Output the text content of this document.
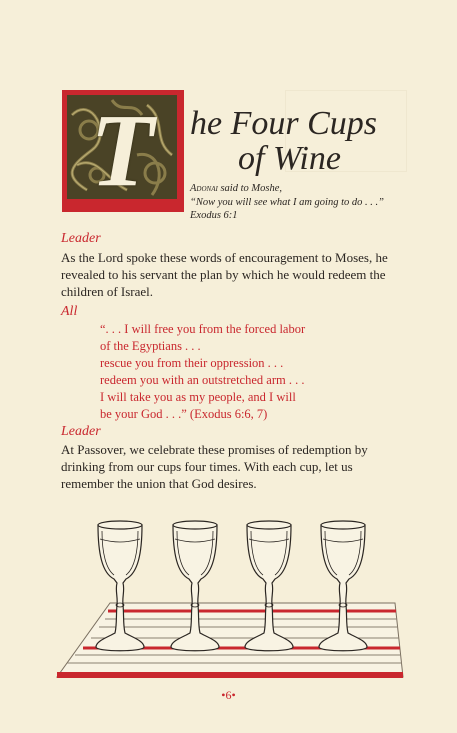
T	he Four Cups
of Wine
Adonai said to Moshe,
“Now you will see what I am going to do . . .”
Exodus 6:1
Leader
As the Lord spoke these words of encouragement to Moses, he
revealed to his servant the plan by which he would redeem the
children of Israel.
All
“. . . I will free you from the forced labor
of the Egyptians . . .
rescue you from their oppression . . .
redeem you with an outstretched arm . . .
I will take you as my people, and I will
be your God . . .” (Exodus 6:6, 7)
Leader
At Passover, we celebrate these promises of redemption by
drinking from our cups four times. With each cup, let us
remember the union that God desires.
•6•
